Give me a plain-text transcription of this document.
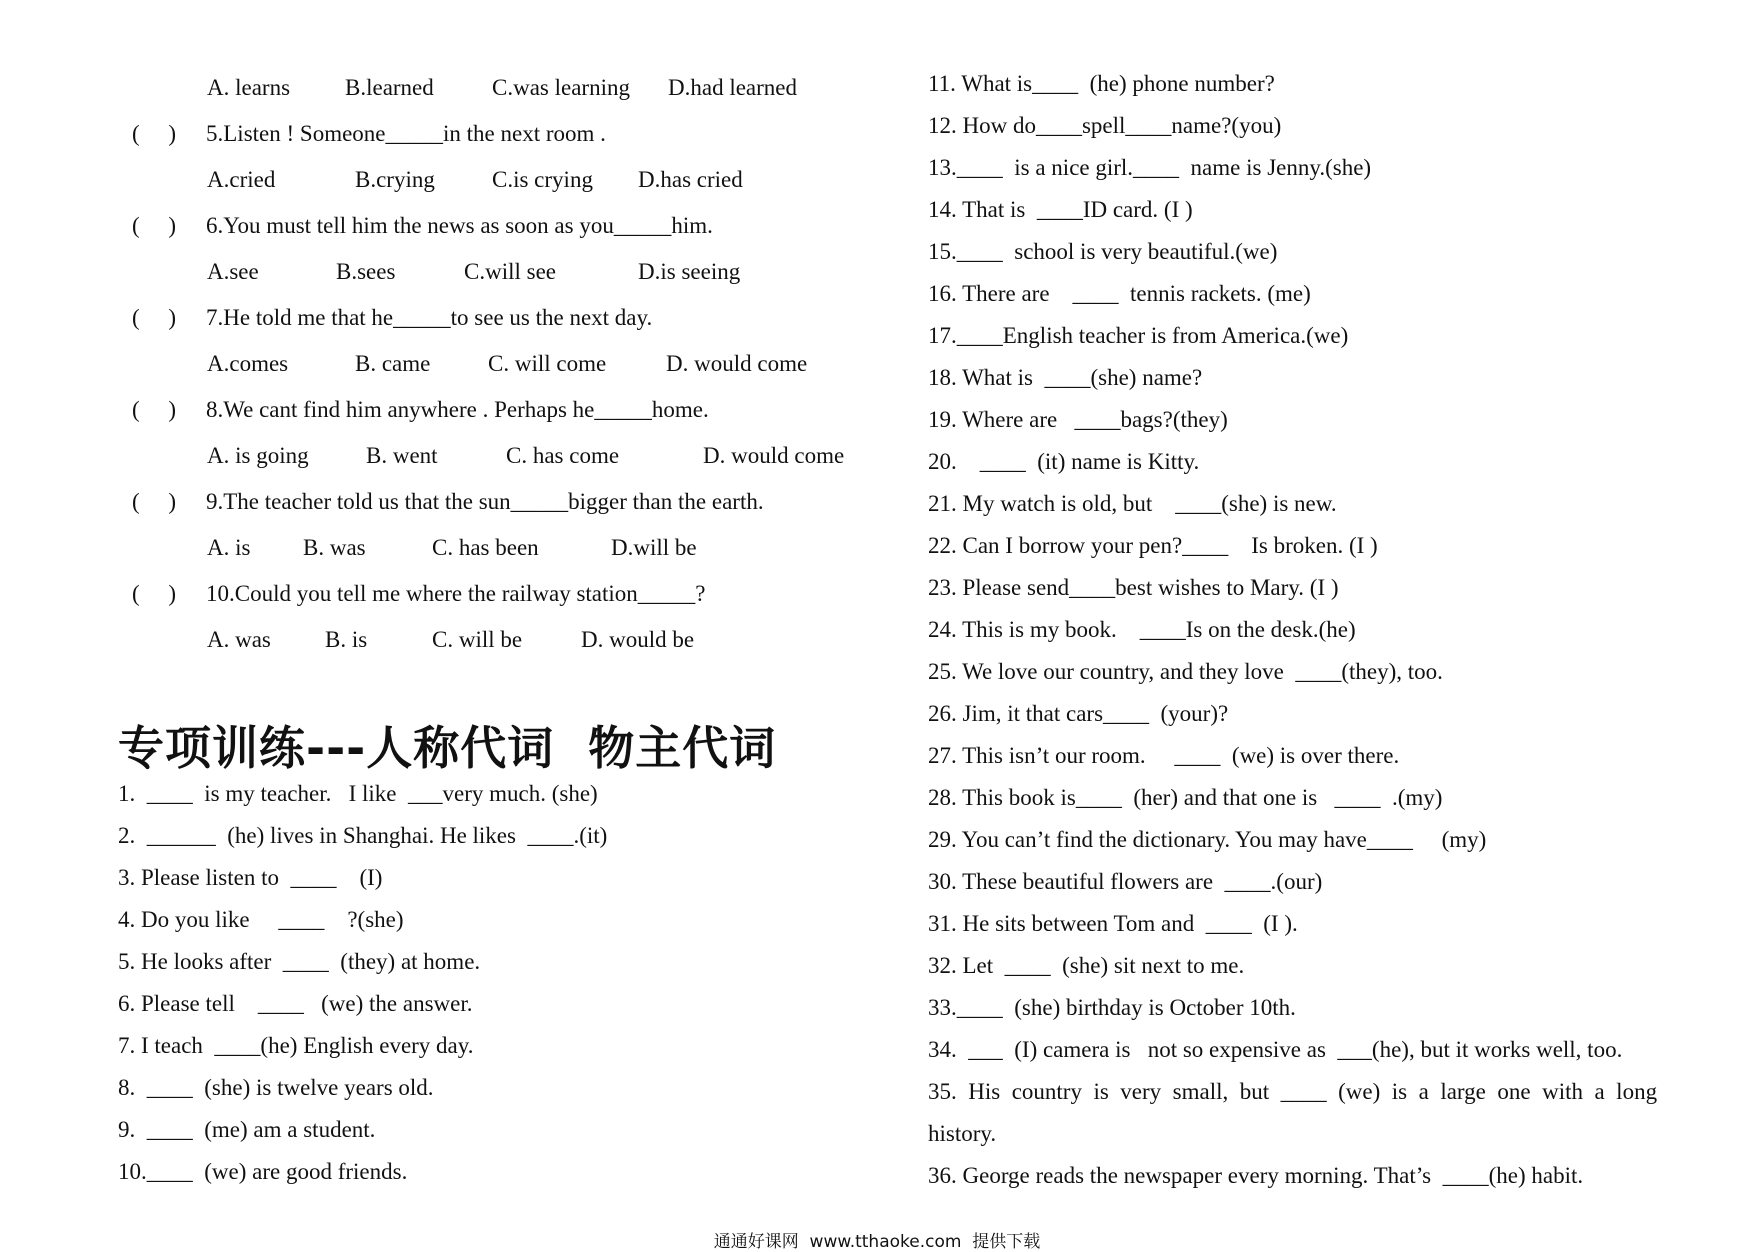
A. learns B.learned	C.was learning D.had learned
(     ) 5.Listen ! Someone_____in the next room .
A.cried	B.crying C.is crying D.has cried
(     ) 6.You must tell him the news as soon as you_____him.
A.see	B.sees	C.will see	D.is seeing
(     ) 7.He told me that he_____to see us the next day.
A.comes	B. came	C. will come	D. would come
(     ) 8.We cant find him anywhere . Perhaps he_____home.
A. is going B. went	C. has come	D. would come
(     ) 9.The teacher told us that the sun_____bigger than the earth.
A. is B. was	C. has been	D.will be
(     ) 10.Could you tell me where the railway station_____?
A. was B. is	C. will be	D. would be
专项训练---人称代词  物主代词
1.  ____  is my teacher.   I like  ___very much. (she)
2.  ______  (he) lives in Shanghai. He likes  ____.(it)
3. Please listen to  ____    (I)
4. Do you like     ____    ?(she)
5. He looks after  ____  (they) at home.
6. Please tell    ____   (we) the answer.
7. I teach  ____(he) English every day.
8.  ____  (she) is twelve years old.
9.  ____  (me) am a student.
10.____  (we) are good friends.
11. What is____  (he) phone number?
12. How do____spell____name?(you)
13.____  is a nice girl.____  name is Jenny.(she)
14. That is  ____ID card. (I )
15.____  school is very beautiful.(we)
16. There are    ____  tennis rackets. (me)
17.____English teacher is from America.(we)
18. What is  ____(she) name?
19. Where are   ____bags?(they)
20.    ____  (it) name is Kitty.
21. My watch is old, but    ____(she) is new.
22. Can I borrow your pen?____    Is broken. (I )
23. Please send____best wishes to Mary. (I )
24. This is my book.    ____Is on the desk.(he)
25. We love our country, and they love  ____(they), too.
26. Jim, it that cars____  (your)?
27. This isn’t our room.     ____  (we) is over there.
28. This book is____  (her) and that one is   ____  .(my)
29. You can’t find the dictionary. You may have____     (my)
30. These beautiful flowers are  ____.(our)
31. He sits between Tom and  ____  (I ).
32. Let  ____  (she) sit next to me.
33.____  (she) birthday is October 10th.
34.  ___  (I) camera is   not so expensive as  ___(he), but it works well, too.
35.  His  country  is  very  small,  but  ____  (we)  is  a  large  one  with  a  long
history.
36. George reads the newspaper every morning. That’s  ____(he) habit.
通通好课网  www.tthaoke.com  提供下载
